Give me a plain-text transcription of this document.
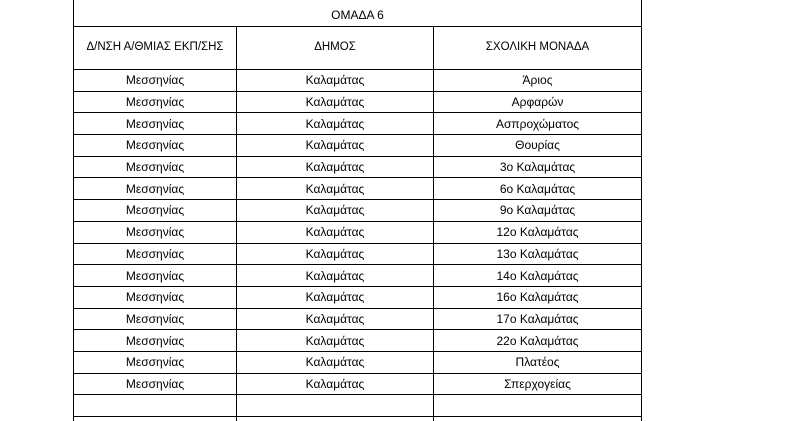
ΟΜΑΔΑ 6		
Δ/ΝΣΗ Α/ΘΜΙΑΣ ΕΚΠ/ΣΗΣ	ΔΗΜΟΣ	ΣΧΟΛΙΚΗ ΜΟΝΑΔΑ
Μεσσηνίας	Καλαμάτας	Άριος
Μεσσηνίας	Καλαμάτας	Αρφαρών
Μεσσηνίας	Καλαμάτας	Ασπροχώματος
Μεσσηνίας	Καλαμάτας	Θουρίας
Μεσσηνίας	Καλαμάτας	3ο Καλαμάτας
Μεσσηνίας	Καλαμάτας	6ο Καλαμάτας
Μεσσηνίας	Καλαμάτας	9ο Καλαμάτας
Μεσσηνίας	Καλαμάτας	12ο Καλαμάτας
Μεσσηνίας	Καλαμάτας	13ο Καλαμάτας
Μεσσηνίας	Καλαμάτας	14ο Καλαμάτας
Μεσσηνίας	Καλαμάτας	16ο Καλαμάτας
Μεσσηνίας	Καλαμάτας	17ο Καλαμάτας
Μεσσηνίας	Καλαμάτας	22ο Καλαμάτας
Μεσσηνίας	Καλαμάτας	Πλατέος
Μεσσηνίας	Καλαμάτας	Σπερχογείας
